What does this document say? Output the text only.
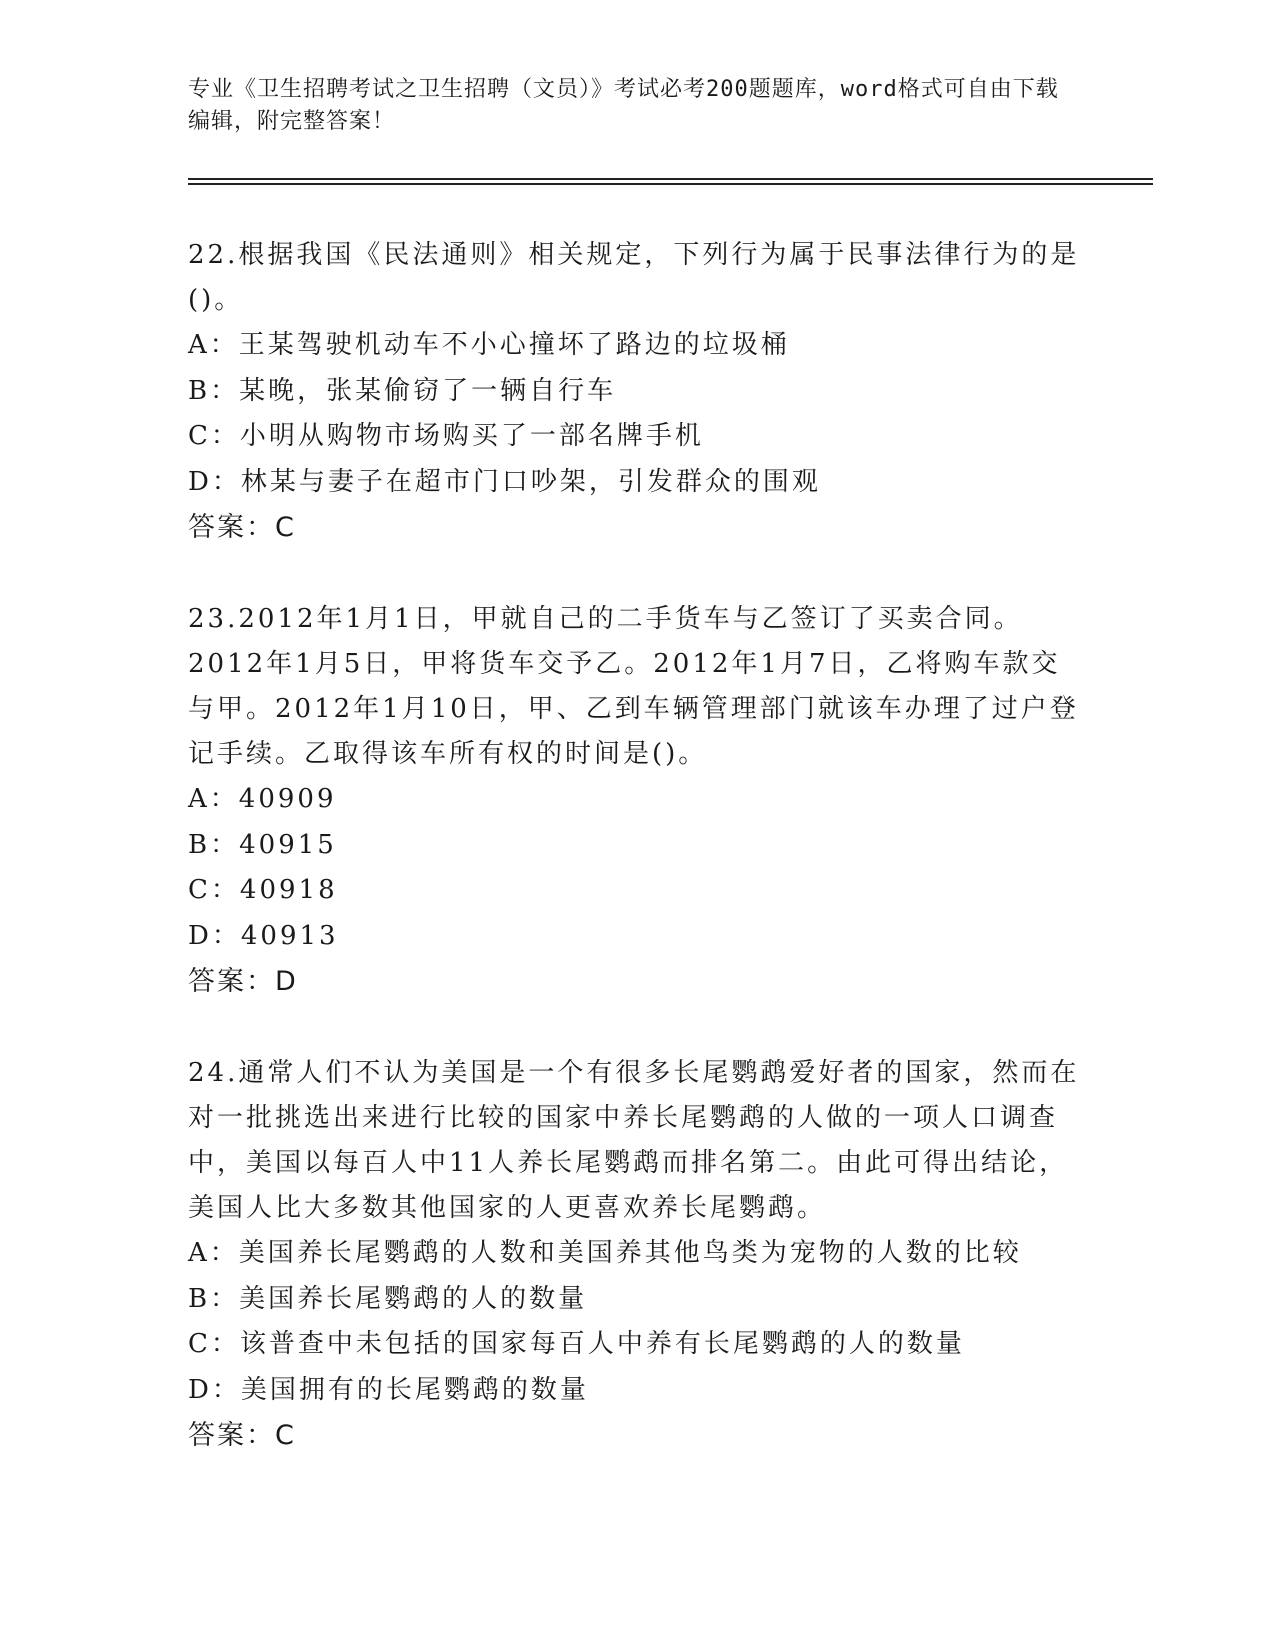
专业《卫生招聘考试之卫生招聘（文员）》考试必考200题题库，word格式可自由下载编辑，附完整答案！

22.根据我国《民法通则》相关规定，下列行为属于民事法律行为的是()。

A：王某驾驶机动车不小心撞坏了路边的垃圾桶

B：某晚，张某偷窃了一辆自行车

C：小明从购物市场购买了一部名牌手机

D：林某与妻子在超市门口吵架，引发群众的围观

答案：C

23.2012年1月1日，甲就自己的二手货车与乙签订了买卖合同。2012年1月5日，甲将货车交予乙。2012年1月7日，乙将购车款交与甲。2012年1月10日，甲、乙到车辆管理部门就该车办理了过户登记手续。乙取得该车所有权的时间是()。

A：40909

B：40915

C：40918

D：40913

答案：D

24.通常人们不认为美国是一个有很多长尾鹦鹉爱好者的国家，然而在对一批挑选出来进行比较的国家中养长尾鹦鹉的人做的一项人口调查中，美国以每百人中11人养长尾鹦鹉而排名第二。由此可得出结论，美国人比大多数其他国家的人更喜欢养长尾鹦鹉。

A：美国养长尾鹦鹉的人数和美国养其他鸟类为宠物的人数的比较

B：美国养长尾鹦鹉的人的数量

C：该普查中未包括的国家每百人中养有长尾鹦鹉的人的数量

D：美国拥有的长尾鹦鹉的数量

答案：C
